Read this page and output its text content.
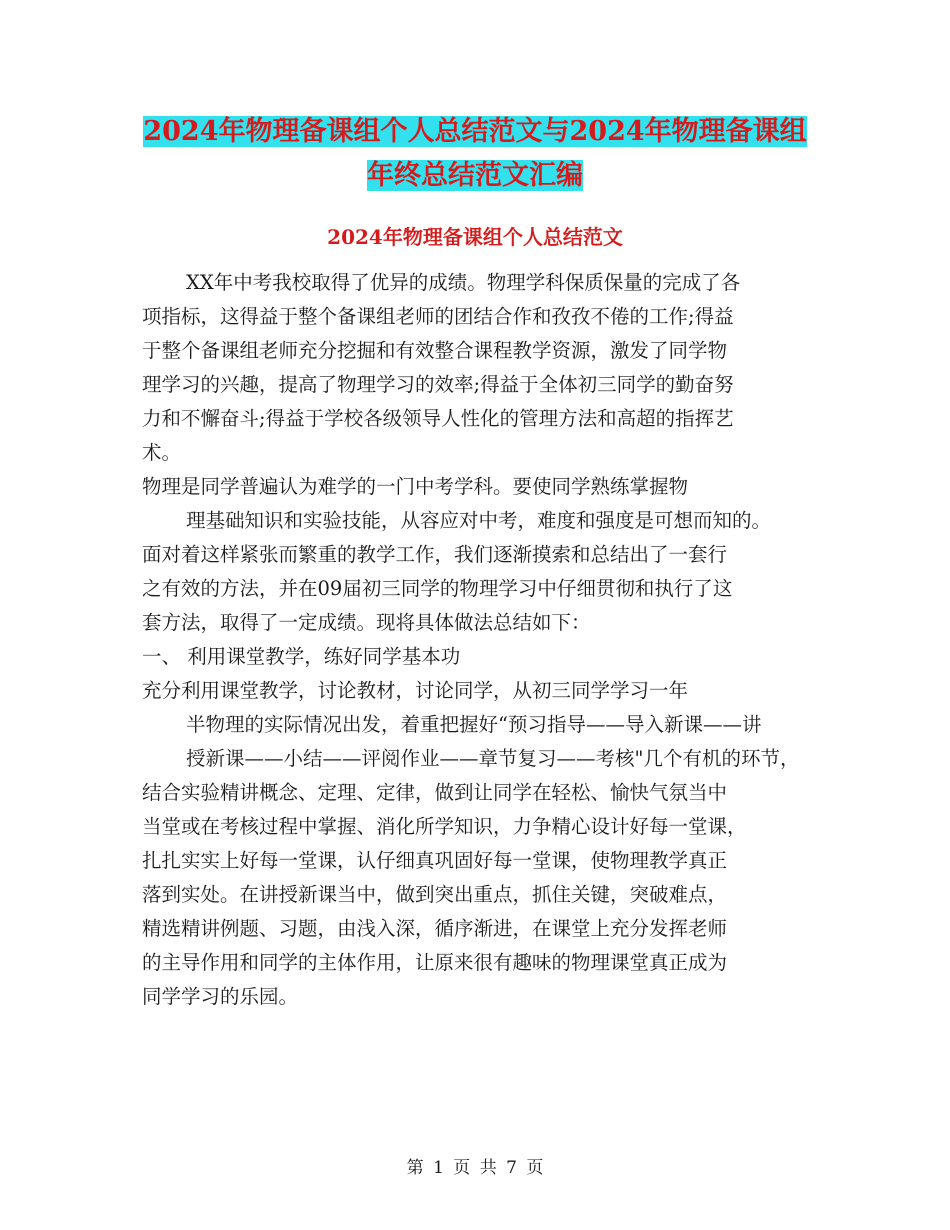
2024年物理备课组个人总结范文与2024年物理备课组
年终总结范文汇编
2024年物理备课组个人总结范文
XX年中考我校取得了优异的成绩。物理学科保质保量的完成了各
项指标，这得益于整个备课组老师的团结合作和孜孜不倦的工作;得益
于整个备课组老师充分挖掘和有效整合课程教学资源，激发了同学物
理学习的兴趣，提高了物理学习的效率;得益于全体初三同学的勤奋努
力和不懈奋斗;得益于学校各级领导人性化的管理方法和高超的指挥艺
术。
物理是同学普遍认为难学的一门中考学科。要使同学熟练掌握物
理基础知识和实验技能，从容应对中考，难度和强度是可想而知的。
面对着这样紧张而繁重的教学工作，我们逐渐摸索和总结出了一套行
之有效的方法，并在09届初三同学的物理学习中仔细贯彻和执行了这
套方法，取得了一定成绩。现将具体做法总结如下：
一、 利用课堂教学，练好同学基本功
充分利用课堂教学，讨论教材，讨论同学，从初三同学学习一年
半物理的实际情况出发，着重把握好“预习指导——导入新课——讲
授新课——小结——评阅作业——章节复习——考核"几个有机的环节，
结合实验精讲概念、定理、定律，做到让同学在轻松、愉快气氛当中
当堂或在考核过程中掌握、消化所学知识，力争精心设计好每一堂课，
扎扎实实上好每一堂课，认仔细真巩固好每一堂课，使物理教学真正
落到实处。在讲授新课当中，做到突出重点，抓住关键，突破难点，
精选精讲例题、习题，由浅入深，循序渐进，在课堂上充分发挥老师
的主导作用和同学的主体作用，让原来很有趣味的物理课堂真正成为
同学学习的乐园。
第 1 页 共 7 页
